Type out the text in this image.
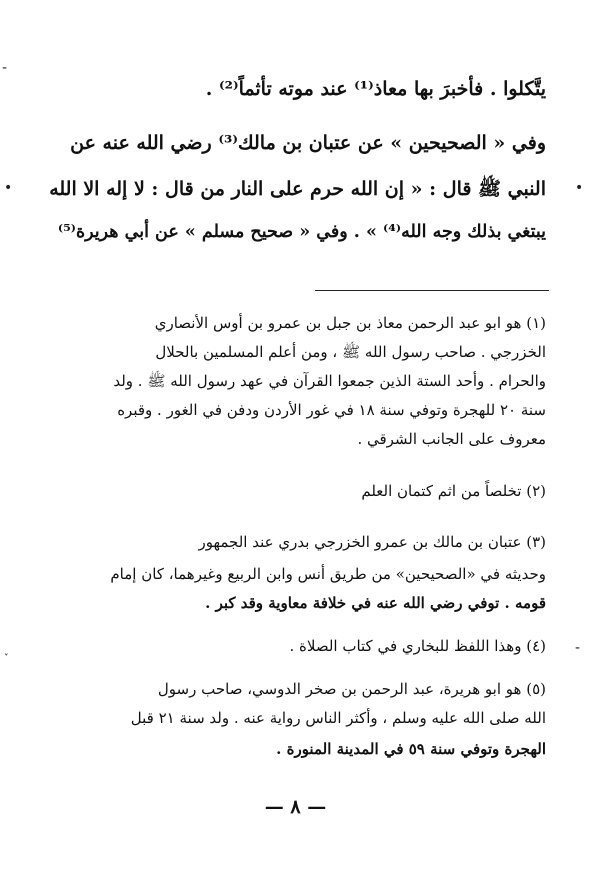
-
•
˯
•
-

يتَّكلوا . فأخبرَ بها معاذ⁽¹⁾ عند موته تأثماً⁽²⁾ .

وفي « الصحيحين » عن عتبان بن مالك⁽³⁾ رضي الله عنه عن

النبي ﷺ قال : « إن الله حرم على النار من قال : لا إله الا الله

يبتغي بذلك وجه الله⁽⁴⁾ » . وفي « صحيح مسلم » عن أبي هريرة⁽⁵⁾

(١) هو ابو عبد الرحمن معاذ بن جبل بن عمرو بن أوس الأنصاري

الخزرجي . صاحب رسول الله ﷺ ، ومن أعلم المسلمين بالحلال

والحرام . وأحد الستة الذين جمعوا القرآن في عهد رسول الله ﷺ . ولد

سنة ٢٠ للهجرة وتوفي سنة ١٨ في غور الأردن ودفن في الغور . وقبره

معروف على الجانب الشرقي .

(٢) تخلصاً من اثم كتمان العلم

(٣) عتبان بن مالك بن عمرو الخزرجي بدري عند الجمهور

وحديثه في «الصحيحين» من طريق أنس وابن الربيع وغيرهما، كان إمام

قومه . توفي رضي الله عنه في خلافة معاوية وقد كبر .

(٤) وهذا اللفظ للبخاري في كتاب الصلاة .

(٥) هو ابو هريرة، عبد الرحمن بن صخر الدوسي، صاحب رسول

الله صلى الله عليه وسلم ، وأكثر الناس رواية عنه . ولد سنة ٢١ قبل

الهجرة وتوفي سنة ٥٩ في المدينة المنورة .

— ٨ —
